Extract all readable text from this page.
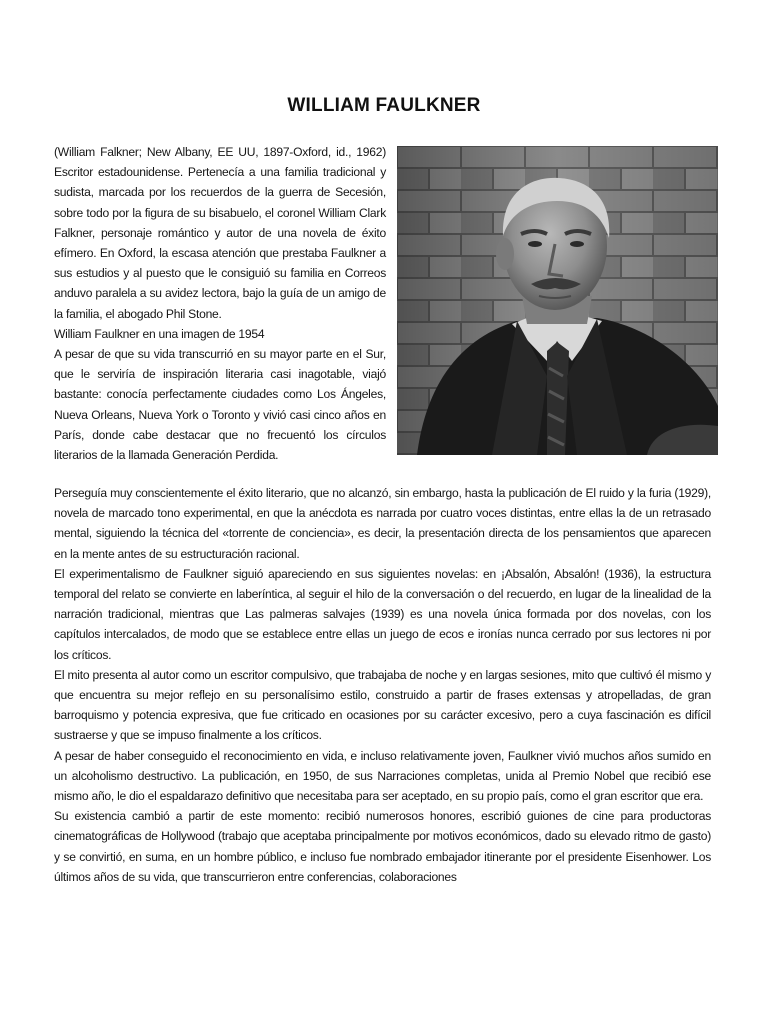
WILLIAM FAULKNER

(William Falkner; New Albany, EE UU, 1897-Oxford, id., 1962) Escritor estadounidense. Pertenecía a una familia tradicional y sudista, marcada por los recuerdos de la guerra de Secesión, sobre todo por la figura de su bisabuelo, el coronel William Clark Falkner, personaje romántico y autor de una novela de éxito efímero. En Oxford, la escasa atención que prestaba Faulkner a sus estudios y al puesto que le consiguió su familia en Correos anduvo paralela a su avidez lectora, bajo la guía de un amigo de la familia, el abogado Phil Stone.

William Faulkner en una imagen de 1954

A pesar de que su vida transcurrió en su mayor parte en el Sur, que le serviría de inspiración literaria casi inagotable, viajó bastante: conocía perfectamente ciudades como Los Ángeles, Nueva Orleans, Nueva York o Toronto y vivió casi cinco años en París, donde cabe destacar que no frecuentó los círculos literarios de la llamada Generación Perdida.

Perseguía muy conscientemente el éxito literario, que no alcanzó, sin embargo, hasta la publicación de El ruido y la furia (1929), novela de marcado tono experimental, en que la anécdota es narrada por cuatro voces distintas, entre ellas la de un retrasado mental, siguiendo la técnica del «torrente de conciencia», es decir, la presentación directa de los pensamientos que aparecen en la mente antes de su estructuración racional.

El experimentalismo de Faulkner siguió apareciendo en sus siguientes novelas: en ¡Absalón, Absalón! (1936), la estructura temporal del relato se convierte en laberíntica, al seguir el hilo de la conversación o del recuerdo, en lugar de la linealidad de la narración tradicional, mientras que Las palmeras salvajes (1939) es una novela única formada por dos novelas, con los capítulos intercalados, de modo que se establece entre ellas un juego de ecos e ironías nunca cerrado por sus lectores ni por los críticos.

El mito presenta al autor como un escritor compulsivo, que trabajaba de noche y en largas sesiones, mito que cultivó él mismo y que encuentra su mejor reflejo en su personalísimo estilo, construido a partir de frases extensas y atropelladas, de gran barroquismo y potencia expresiva, que fue criticado en ocasiones por su carácter excesivo, pero a cuya fascinación es difícil sustraerse y que se impuso finalmente a los críticos.

A pesar de haber conseguido el reconocimiento en vida, e incluso relativamente joven, Faulkner vivió muchos años sumido en un alcoholismo destructivo. La publicación, en 1950, de sus Narraciones completas, unida al Premio Nobel que recibió ese mismo año, le dio el espaldarazo definitivo que necesitaba para ser aceptado, en su propio país, como el gran escritor que era.

Su existencia cambió a partir de este momento: recibió numerosos honores, escribió guiones de cine para productoras cinematográficas de Hollywood (trabajo que aceptaba principalmente por motivos económicos, dado su elevado ritmo de gasto) y se convirtió, en suma, en un hombre público, e incluso fue nombrado embajador itinerante por el presidente Eisenhower. Los últimos años de su vida, que transcurrieron entre conferencias, colaboraciones
